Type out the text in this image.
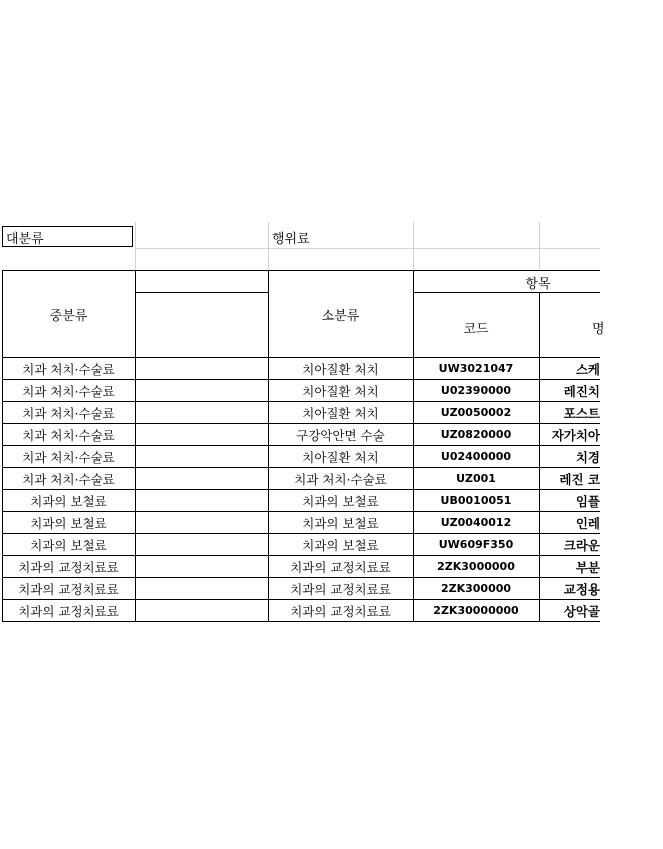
대분류	행위료
중분류	소분류
항목
코드	명
치과 처치·수술료	치아질환 처치	UW3021047	스케
치과 처치·수술료	치아질환 처치	U02390000	레진치
치과 처치·수술료	치아질환 처치	UZ0050002	포스트
치과 처치·수술료	구강악안면 수술	UZ0820000	자가치아
치과 처치·수술료	치아질환 처치	U02400000	치경
치과 처치·수술료	치과 처치·수술료	UZ001	레진 코
치과의 보철료	치과의 보철료	UB0010051	임플
치과의 보철료	치과의 보철료	UZ0040012	인레
치과의 보철료	치과의 보철료	UW609F350	크라운
치과의 교정치료료	치과의 교정치료료	2ZK3000000	부분
치과의 교정치료료	치과의 교정치료료	2ZK300000	교정용
치과의 교정치료료	치과의 교정치료료	2ZK30000000	상악골
